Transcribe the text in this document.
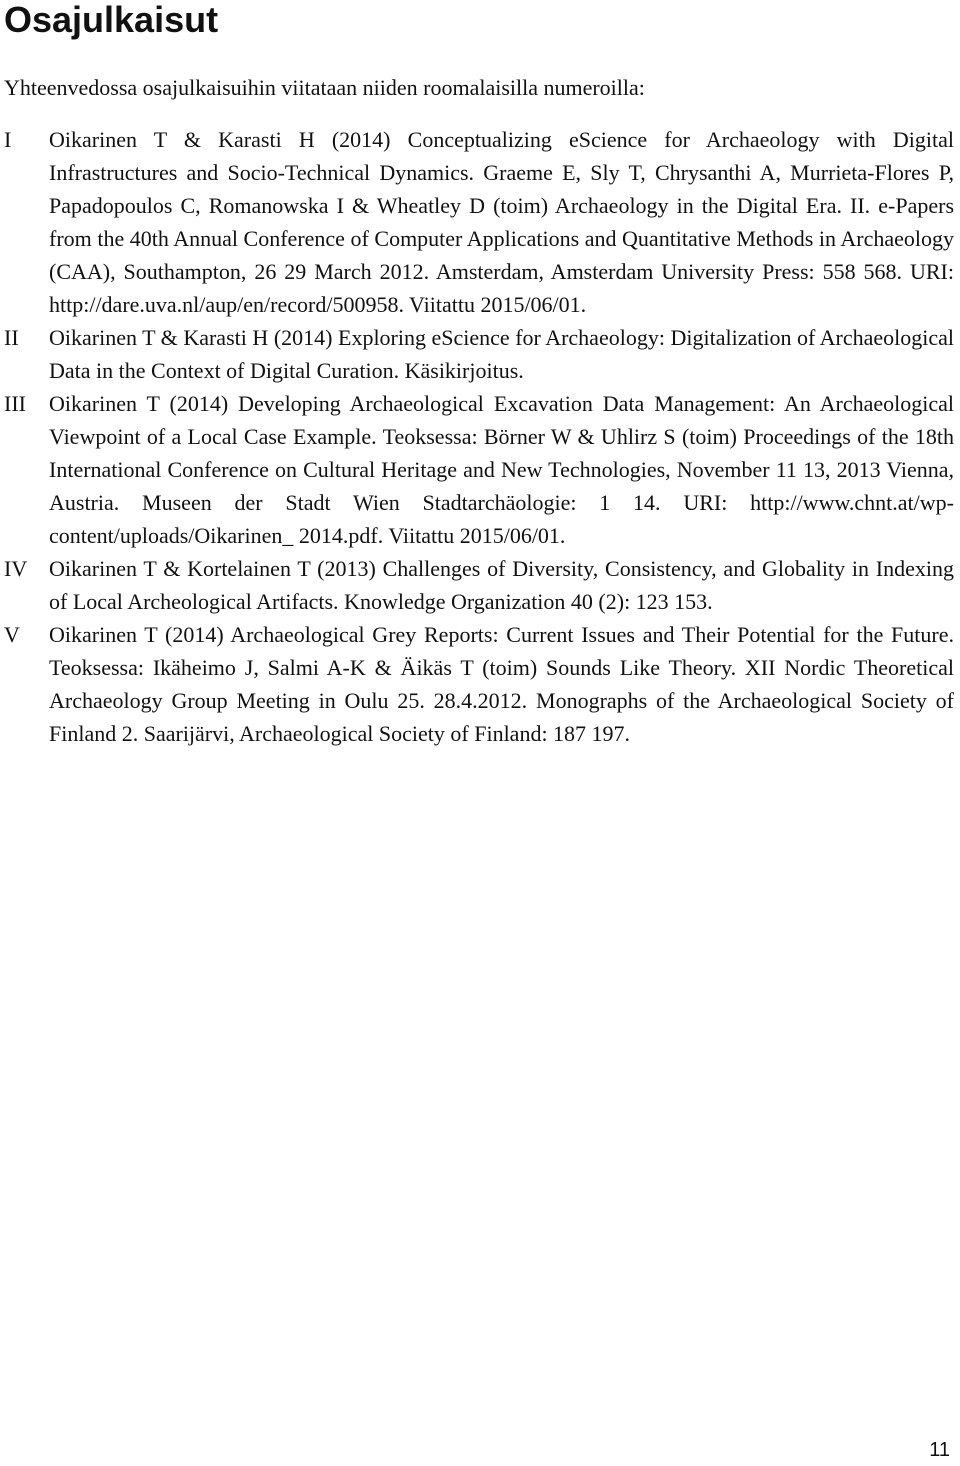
Osajulkaisut

Yhteenvedossa osajulkaisuihin viitataan niiden roomalaisilla numeroilla:

I	Oikarinen T & Karasti H (2014) Conceptualizing eScience for Archaeology with Digital Infrastructures and Socio-Technical Dynamics. Graeme E, Sly T, Chrysanthi A, Murrieta-Flores P, Papadopoulos C, Romanowska I & Wheatley D (toim) Archaeology in the Digital Era. II. e-Papers from the 40th Annual Conference of Computer Applications and Quantitative Methods in Archaeology (CAA), Southampton, 26 29 March 2012. Amsterdam, Amsterdam University Press: 558 568. URI: http://dare.uva.nl/aup/en/record/500958. Viitattu 2015/06/01.
II	Oikarinen T & Karasti H (2014) Exploring eScience for Archaeology: Digitalization of Archaeological Data in the Context of Digital Curation. Käsikirjoitus.
III	Oikarinen T (2014) Developing Archaeological Excavation Data Management: An Archaeological Viewpoint of a Local Case Example. Teoksessa: Börner W & Uhlirz S (toim) Proceedings of the 18th International Conference on Cultural Heritage and New Technologies, November 11 13, 2013 Vienna, Austria. Museen der Stadt Wien Stadtarchäologie: 1 14. URI: http://www.chnt.at/wp-content/uploads/Oikarinen_ 2014.pdf. Viitattu 2015/06/01.
IV Oikarinen T & Kortelainen T (2013) Challenges of Diversity, Consistency, and Globality in Indexing of Local Archeological Artifacts. Knowledge Organization 40 (2): 123 153.
V	Oikarinen T (2014) Archaeological Grey Reports: Current Issues and Their Potential for the Future. Teoksessa: Ikäheimo J, Salmi A-K & Äikäs T (toim) Sounds Like Theory. XII Nordic Theoretical Archaeology Group Meeting in Oulu 25. 28.4.2012. Monographs of the Archaeological Society of Finland 2. Saarijärvi, Archaeological Society of Finland: 187 197.
11
